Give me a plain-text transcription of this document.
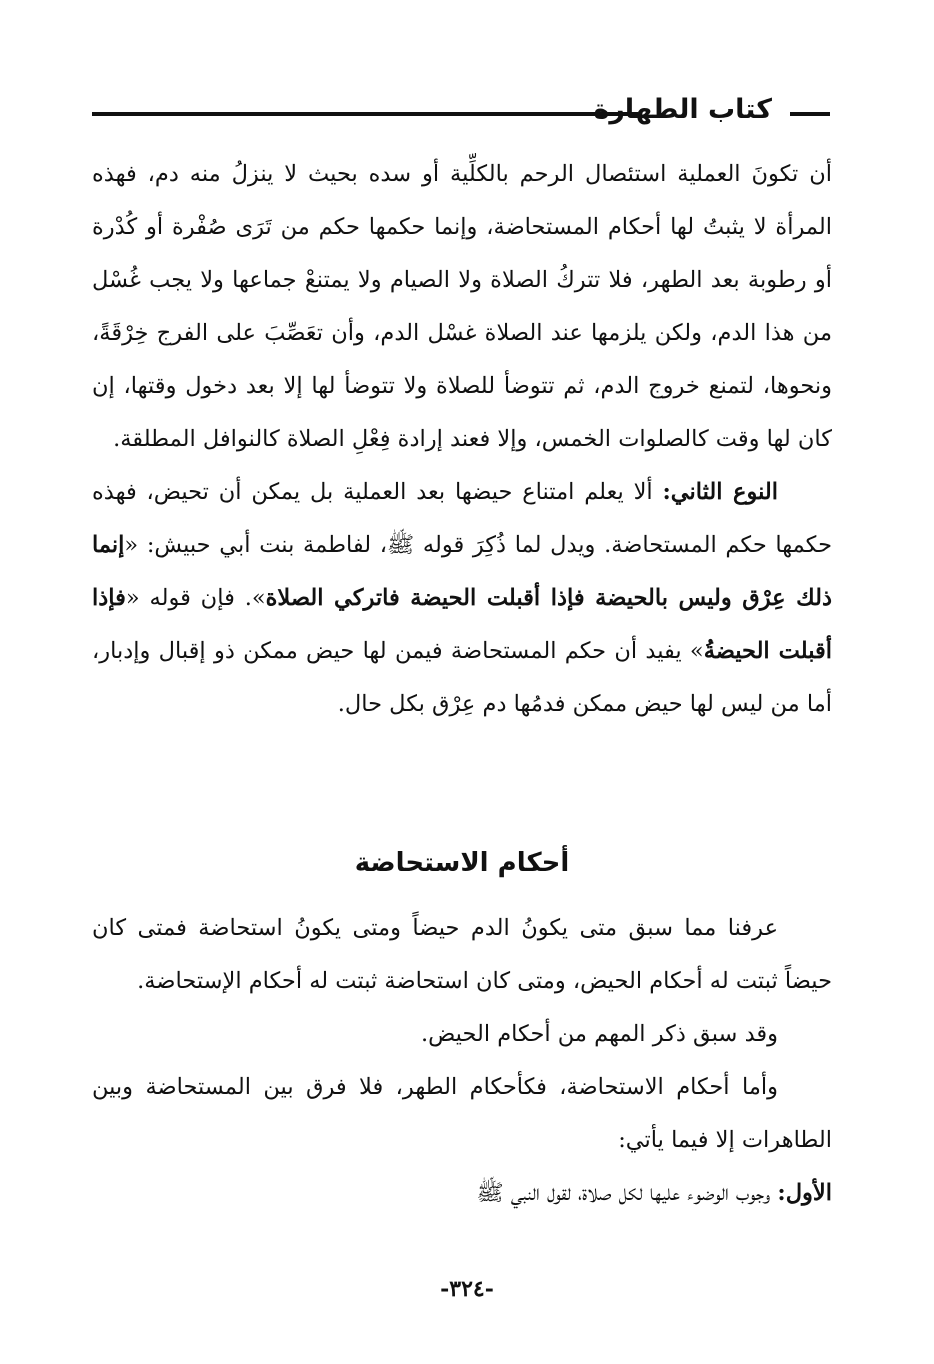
كتاب الطهارة

أن تكونَ العملية استئصال الرحم بالكلِّية أو سده بحيث لا ينزلُ منه دم، فهذه المرأة لا يثبتُ لها أحكام المستحاضة، وإنما حكمها حكم من تَرَى صُفْرة أو كُدْرة أو رطوبة بعد الطهر، فلا تتركُ الصلاة ولا الصيام ولا يمتنعْ جماعها ولا يجب غُسْل من هذا الدم، ولكن يلزمها عند الصلاة غسْل الدم، وأن تعَصِّبَ على الفرج خِرْقَةً، ونحوها، لتمنع خروج الدم، ثم تتوضأ للصلاة ولا تتوضأ لها إلا بعد دخول وقتها، إن كان لها وقت كالصلوات الخمس، وإلا فعند إرادة فِعْلِ الصلاة كالنوافل المطلقة.

النوع الثاني: ألا يعلم امتناع حيضها بعد العملية بل يمكن أن تحيض، فهذه حكمها حكم المستحاضة. ويدل لما ذُكِرَ قوله ﷺ، لفاطمة بنت أبي حبيش: «إنما ذلك عِرْق وليس بالحيضة فإذا أقبلت الحيضة فاتركي الصلاة». فإن قوله «فإذا أقبلت الحيضةُ» يفيد أن حكم المستحاضة فيمن لها حيض ممكن ذو إقبال وإدبار، أما من ليس لها حيض ممكن فدمُها دم عِرْق بكل حال.

أحكام الاستحاضة

عرفنا مما سبق متى يكونُ الدم حيضاً ومتى يكونُ استحاضة فمتى كان حيضاً ثبتت له أحكام الحيض، ومتى كان استحاضة ثبتت له أحكام الإستحاضة.

وقد سبق ذكر المهم من أحكام الحيض.

وأما أحكام الاستحاضة، فكأحكام الطهر، فلا فرق بين المستحاضة وبين الطاهرات إلا فيما يأتي:

الأول: وجوب الوضوء عليها لكل صلاة، لقول النبي ﷺ

-٣٢٤-
